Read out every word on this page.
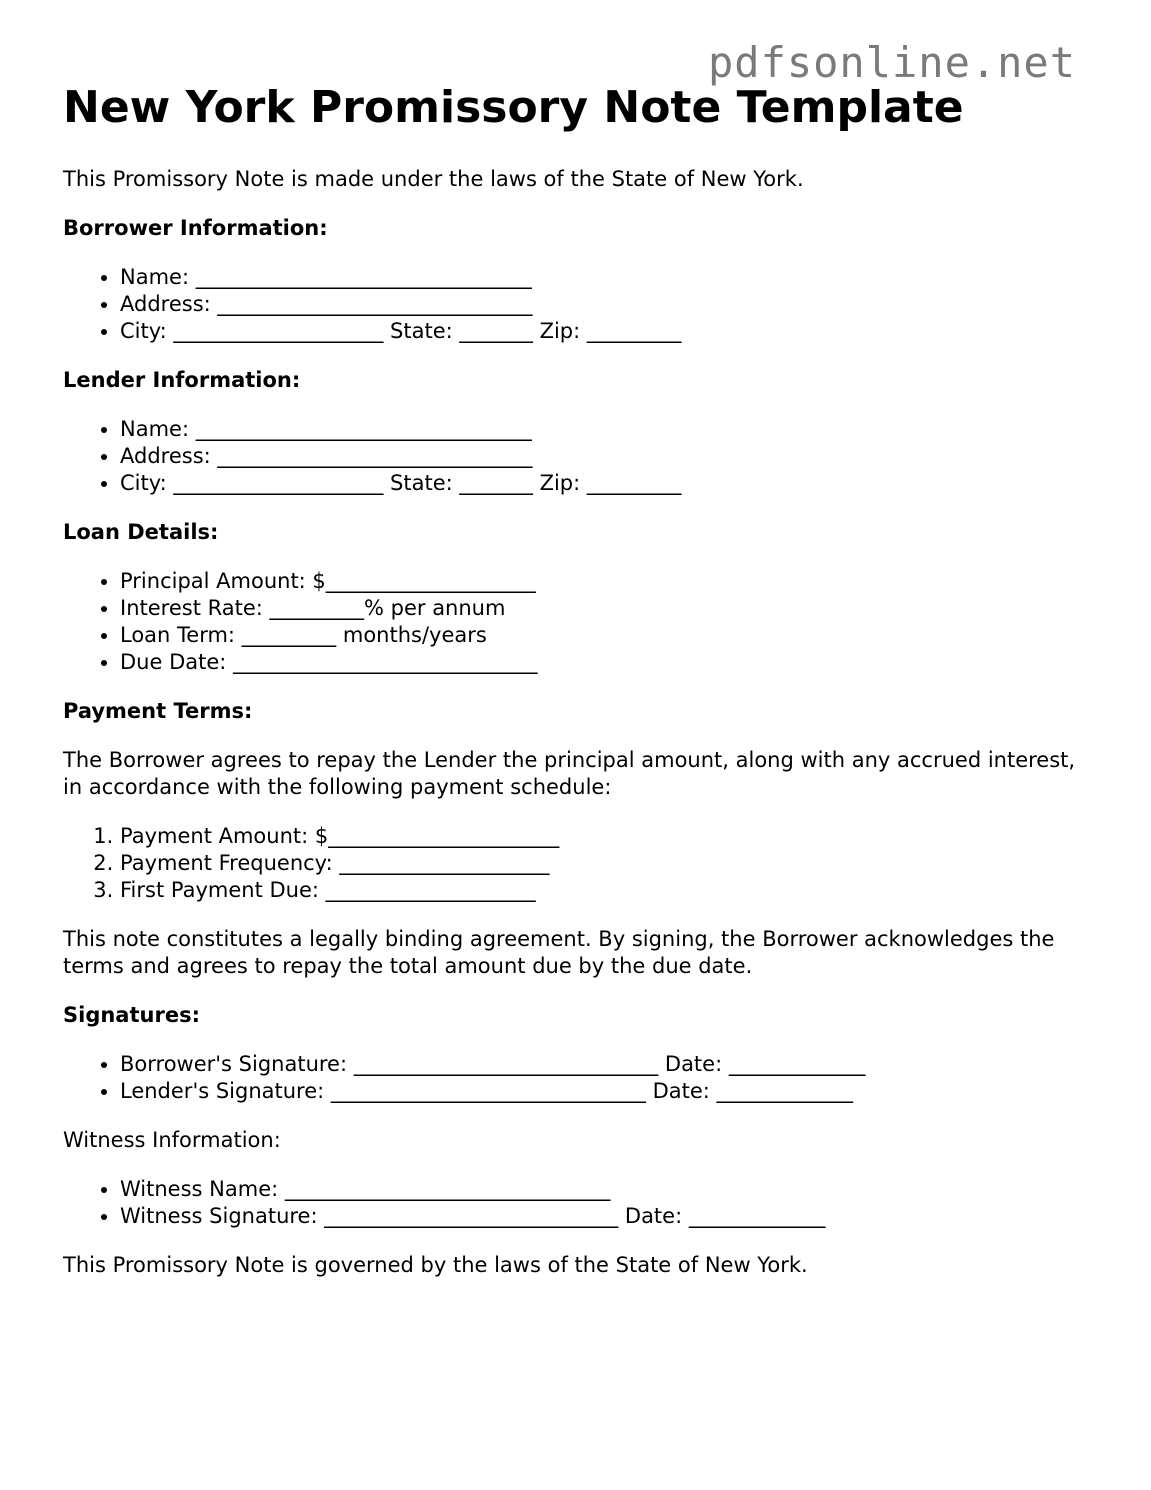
pdfsonline.net
New York Promissory Note Template

This Promissory Note is made under the laws of the State of New York.

Borrower Information:
• Name: ________________________________
• Address: ______________________________
• City: ____________________ State: _______ Zip: _________
Lender Information:
• Name: ________________________________
• Address: ______________________________
• City: ____________________ State: _______ Zip: _________
Loan Details:
• Principal Amount: $____________________
• Interest Rate: _________% per annum
• Loan Term: _________ months/years
• Due Date: _____________________________
Payment Terms:

The Borrower agrees to repay the Lender the principal amount, along with any accrued interest, in accordance with the following payment schedule:

1. Payment Amount: $______________________
2. Payment Frequency: ____________________
3. First Payment Due: ____________________

This note constitutes a legally binding agreement. By signing, the Borrower acknowledges the terms and agrees to repay the total amount due by the due date.

Signatures:
• Borrower's Signature: _____________________________ Date: _____________
• Lender's Signature: ______________________________ Date: _____________

Witness Information:

• Witness Name: _______________________________
• Witness Signature: ____________________________ Date: _____________

This Promissory Note is governed by the laws of the State of New York.
